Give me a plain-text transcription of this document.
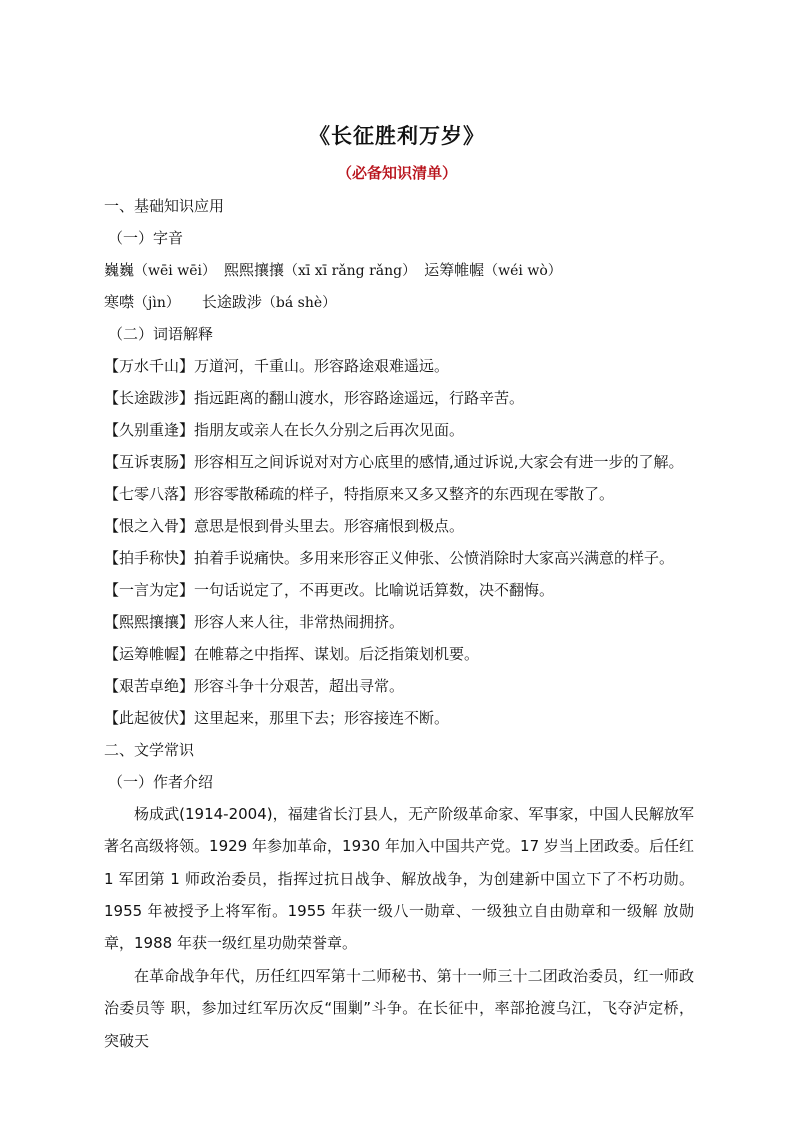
《长征胜利万岁》
（必备知识清单）
一、基础知识应用
（一）字音
巍巍（wēi wēi） 熙熙攘攘（xī xī rǎng rǎng） 运筹帷幄（wéi wò）
寒噤（jìn） 长途跋涉（bá shè）
（二）词语解释
【万水千山】万道河，千重山。形容路途艰难遥远。
【长途跋涉】指远距离的翻山渡水，形容路途遥远，行路辛苦。
【久别重逢】指朋友或亲人在长久分别之后再次见面。
【互诉衷肠】形容相互之间诉说对对方心底里的感情,通过诉说,大家会有进一步的了解。
【七零八落】形容零散稀疏的样子，特指原来又多又整齐的东西现在零散了。
【恨之入骨】意思是恨到骨头里去。形容痛恨到极点。
【拍手称快】拍着手说痛快。多用来形容正义伸张、公愤消除时大家高兴满意的样子。
【一言为定】一句话说定了，不再更改。比喻说话算数，决不翻悔。
【熙熙攘攘】形容人来人往，非常热闹拥挤。
【运筹帷幄】在帷幕之中指挥、谋划。后泛指策划机要。
【艰苦卓绝】形容斗争十分艰苦，超出寻常。
【此起彼伏】这里起来，那里下去；形容接连不断。
二、文学常识
（一）作者介绍
杨成武(1914-2004)，福建省长汀县人，无产阶级革命家、军事家，中国人民解放军著名高级将领。1929 年参加革命，1930 年加入中国共产党。17 岁当上团政委。后任红 1 军团第 1 师政治委员，指挥过抗日战争、解放战争，为创建新中国立下了不朽功勋。1955 年被授予上将军衔。1955 年获一级八一勋章、一级独立自由勋章和一级解 放勋章，1988 年获一级红星功勋荣誉章。
在革命战争年代，历任红四军第十二师秘书、第十一师三十二团政治委员，红一师政治委员等 职，参加过红军历次反“围剿”斗争。在长征中，率部抢渡乌江，飞夺泸定桥，突破天
